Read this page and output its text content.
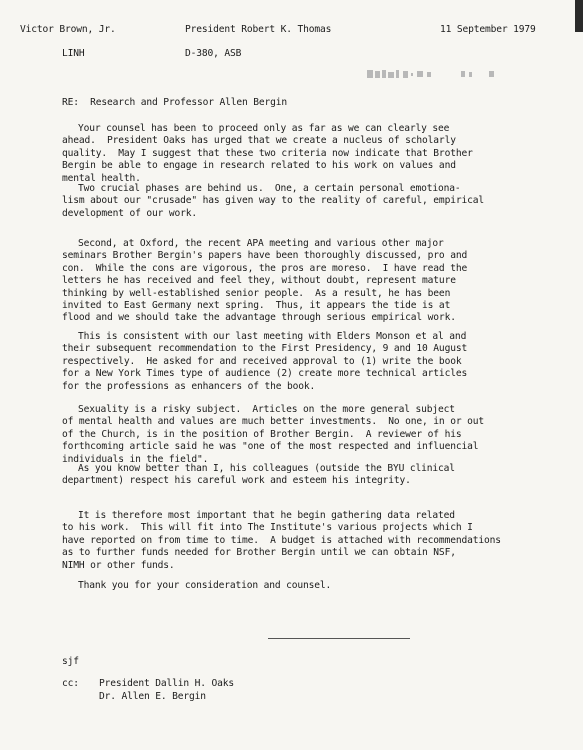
Victor Brown, Jr.	President Robert K. Thomas	11 September 1979
LINH	D-380, ASB
RE:  Research and Professor Allen Bergin
Your counsel has been to proceed only as far as we can clearly see
ahead.  President Oaks has urged that we create a nucleus of scholarly
quality.  May I suggest that these two criteria now indicate that Brother
Bergin be able to engage in research related to his work on values and
mental health.
Two crucial phases are behind us.  One, a certain personal emotiona-
lism about our "crusade" has given way to the reality of careful, empirical
development of our work.
Second, at Oxford, the recent APA meeting and various other major
seminars Brother Bergin's papers have been thoroughly discussed, pro and
con.  While the cons are vigorous, the pros are moreso.  I have read the
letters he has received and feel they, without doubt, represent mature
thinking by well-established senior people.  As a result, he has been
invited to East Germany next spring.  Thus, it appears the tide is at
flood and we should take the advantage through serious empirical work.
This is consistent with our last meeting with Elders Monson et al and
their subsequent recommendation to the First Presidency, 9 and 10 August
respectively.  He asked for and received approval to (1) write the book
for a New York Times type of audience (2) create more technical articles
for the professions as enhancers of the book.
Sexuality is a risky subject.  Articles on the more general subject
of mental health and values are much better investments.  No one, in or out
of the Church, is in the position of Brother Bergin.  A reviewer of his
forthcoming article said he was "one of the most respected and influencial
individuals in the field".
As you know better than I, his colleagues (outside the BYU clinical
department) respect his careful work and esteem his integrity.
It is therefore most important that he begin gathering data related
to his work.  This will fit into The Institute's various projects which I
have reported on from time to time.  A budget is attached with recommendations
as to further funds needed for Brother Bergin until we can obtain NSF,
NIMH or other funds.
Thank you for your consideration and counsel.
sjf
cc: President Dallin H. Oaks
Dr. Allen E. Bergin
